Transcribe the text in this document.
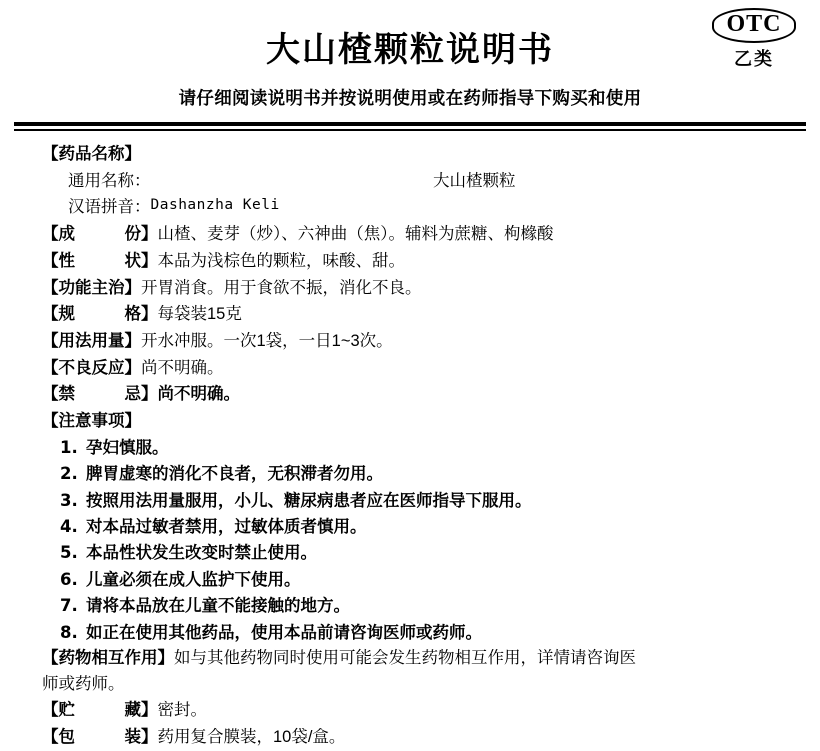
OTC
乙类
大山楂颗粒说明书
请仔细阅读说明书并按说明使用或在药师指导下购买和使用
【药品名称】
通用名称：	大山楂颗粒
汉语拼音： Dashanzha Keli
【成　　　份】 山楂、麦芽（炒）、六神曲（焦）。辅料为蔗糖、枸橼酸
【性　　　状】 本品为浅棕色的颗粒，味酸、甜。
【功能主治】 开胃消食。用于食欲不振，消化不良。
【规　　　格】 每袋装15克
【用法用量】 开水冲服。一次1袋，一日1~3次。
【不良反应】 尚不明确。
【禁　　　忌】 尚不明确。
【注意事项】
1. 孕妇慎服。
2. 脾胃虚寒的消化不良者，无积滞者勿用。
3. 按照用法用量服用，小儿、糖尿病患者应在医师指导下服用。
4. 对本品过敏者禁用，过敏体质者慎用。
5. 本品性状发生改变时禁止使用。
6. 儿童必须在成人监护下使用。
7. 请将本品放在儿童不能接触的地方。
8. 如正在使用其他药品，使用本品前请咨询医师或药师。
【药物相互作用】 如与其他药物同时使用可能会发生药物相互作用，详情请咨询医
师或药师。
【贮　　　藏】 密封。
【包　　　装】 药用复合膜装，10袋/盒。
